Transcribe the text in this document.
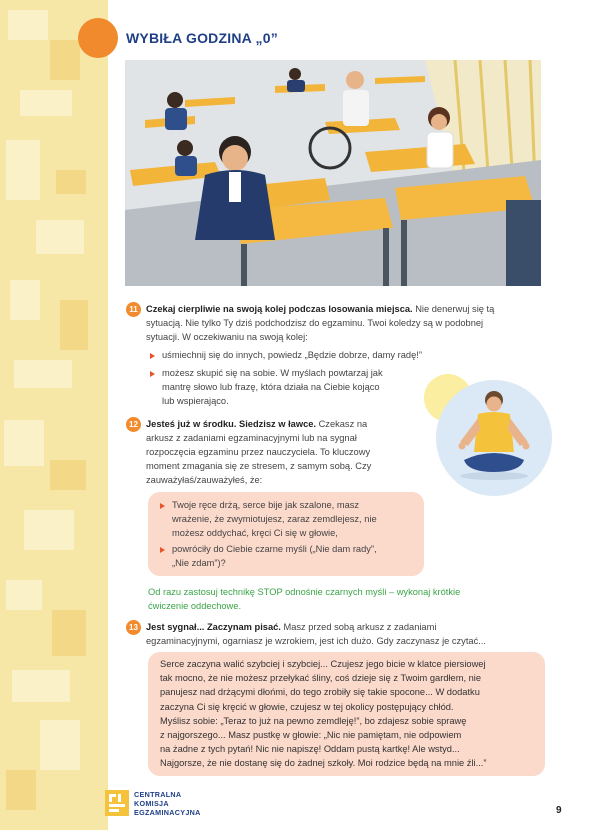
WYBIŁA GODZINA „0”
11 Czekaj cierpliwie na swoją kolej podczas losowania miejsca. Nie denerwuj się tą
sytuacją. Nie tylko Ty dziś podchodzisz do egzaminu. Twoi koledzy są w podobnej
sytuacji. W oczekiwaniu na swoją kolej:
uśmiechnij się do innych, powiedz „Będzie dobrze, damy radę!”
możesz skupić się na sobie. W myślach powtarzaj jak
mantrę słowo lub frazę, która działa na Ciebie kojąco
lub wspierająco.
12 Jesteś już w środku. Siedzisz w ławce. Czekasz na
arkusz z zadaniami egzaminacyjnymi lub na sygnał
rozpoczęcia egzaminu przez nauczyciela. To kluczowy
moment zmagania się ze stresem, z samym sobą. Czy
zauważyłaś/zauważyłeś, że:
Twoje ręce drżą, serce bije jak szalone, masz
wrażenie, że zwymiotujesz, zaraz zemdlejesz, nie
możesz oddychać, kręci Ci się w głowie,
powróciły do Ciebie czarne myśli („Nie dam rady”,
„Nie zdam”)?
Od razu zastosuj technikę STOP odnośnie czarnych myśli – wykonaj krótkie
ćwiczenie oddechowe.
13 Jest sygnał... Zaczynam pisać. Masz przed sobą arkusz z zadaniami
egzaminacyjnymi, ogarniasz je wzrokiem, jest ich dużo. Gdy zaczynasz je czytać...
Serce zaczyna walić szybciej i szybciej... Czujesz jego bicie w klatce piersiowej
tak mocno, że nie możesz przełykać śliny, coś dzieje się z Twoim gardłem, nie
panujesz nad drżącymi dłońmi, do tego zrobiły się takie spocone... W dodatku
zaczyna Ci się kręcić w głowie, czujesz w tej okolicy postępujący chłód.
Myślisz sobie: „Teraz to już na pewno zemdleję!”, bo zdajesz sobie sprawę
z najgorszego... Masz pustkę w głowie: „Nic nie pamiętam, nie odpowiem
na żadne z tych pytań! Nic nie napiszę! Oddam pustą kartkę! Ale wstyd...
Najgorsze, że nie dostanę się do żadnej szkoły. Moi rodzice będą na mnie źli...”
CENTRALNA
KOMISJA
EGZAMINACYJNA	9
